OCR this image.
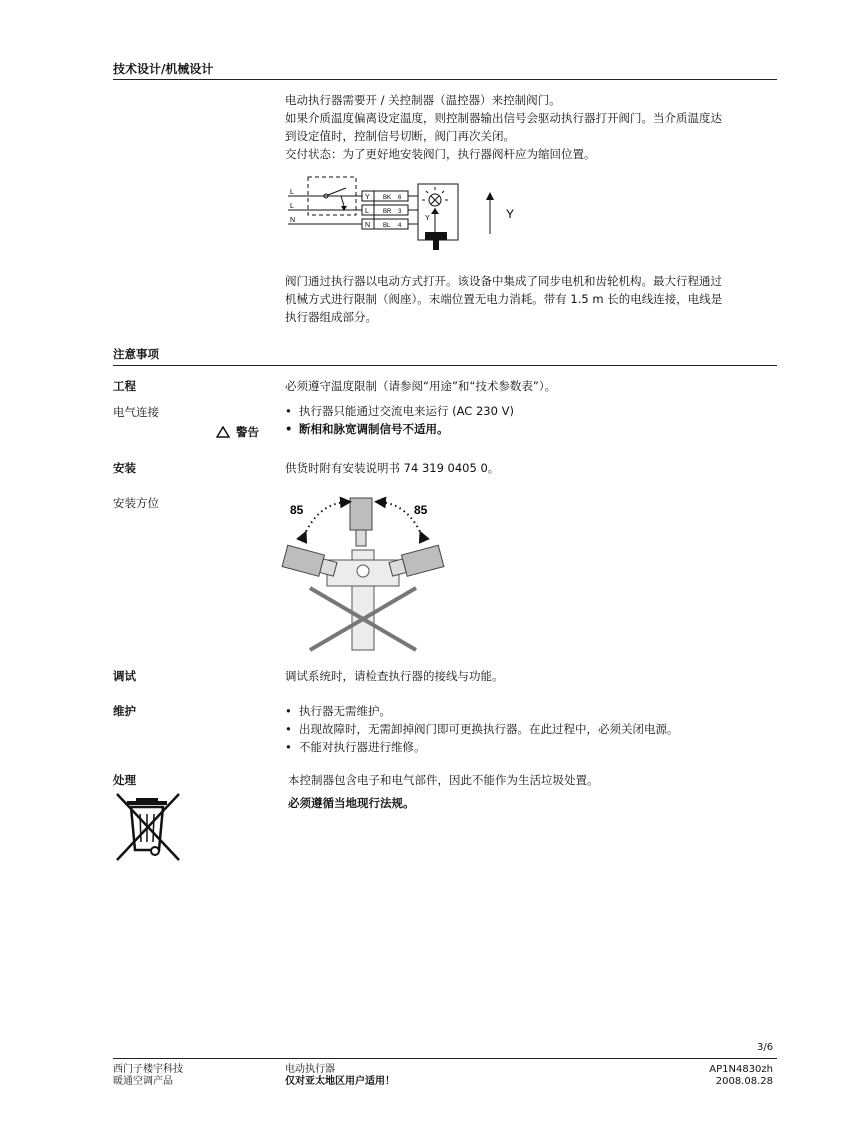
技术设计/机械设计
电动执行器需要开 / 关控制器（温控器）来控制阀门。
如果介质温度偏离设定温度，则控制器输出信号会驱动执行器打开阀门。当介质温度达
到设定值时，控制信号切断，阀门再次关闭。
交付状态：为了更好地安装阀门，执行器阀杆应为缩回位置。
L
L
N
Y
L
N
BK
BR
BL
6
3
4
Y	Y
阀门通过执行器以电动方式打开。该设备中集成了同步电机和齿轮机构。最大行程通过
机械方式进行限制（阀座）。末端位置无电力消耗。带有 1.5 m 长的电线连接，电线是
执行器组成部分。
注意事项
工程	必须遵守温度限制（请参阅“用途”和“技术参数表”）。
电气连接
警告
• 执行器只能通过交流电来运行 (AC 230 V)
• 断相和脉宽调制信号不适用。
安装	供货时附有安装说明书 74 319 0405 0。
安装方位	85	85
调试	调试系统时，请检查执行器的接线与功能。
维护
•	执行器无需维护。
• 出现故障时，无需卸掉阀门即可更换执行器。在此过程中，必须关闭电源。
• 不能对执行器进行维修。
处理	本控制器包含电子和电气部件，因此不能作为生活垃圾处置。
必须遵循当地现行法规。
3/6
西门子楼宇科技
暖通空调产品
电动执行器
仅对亚太地区用户适用！
AP1N4830zh
2008.08.28
